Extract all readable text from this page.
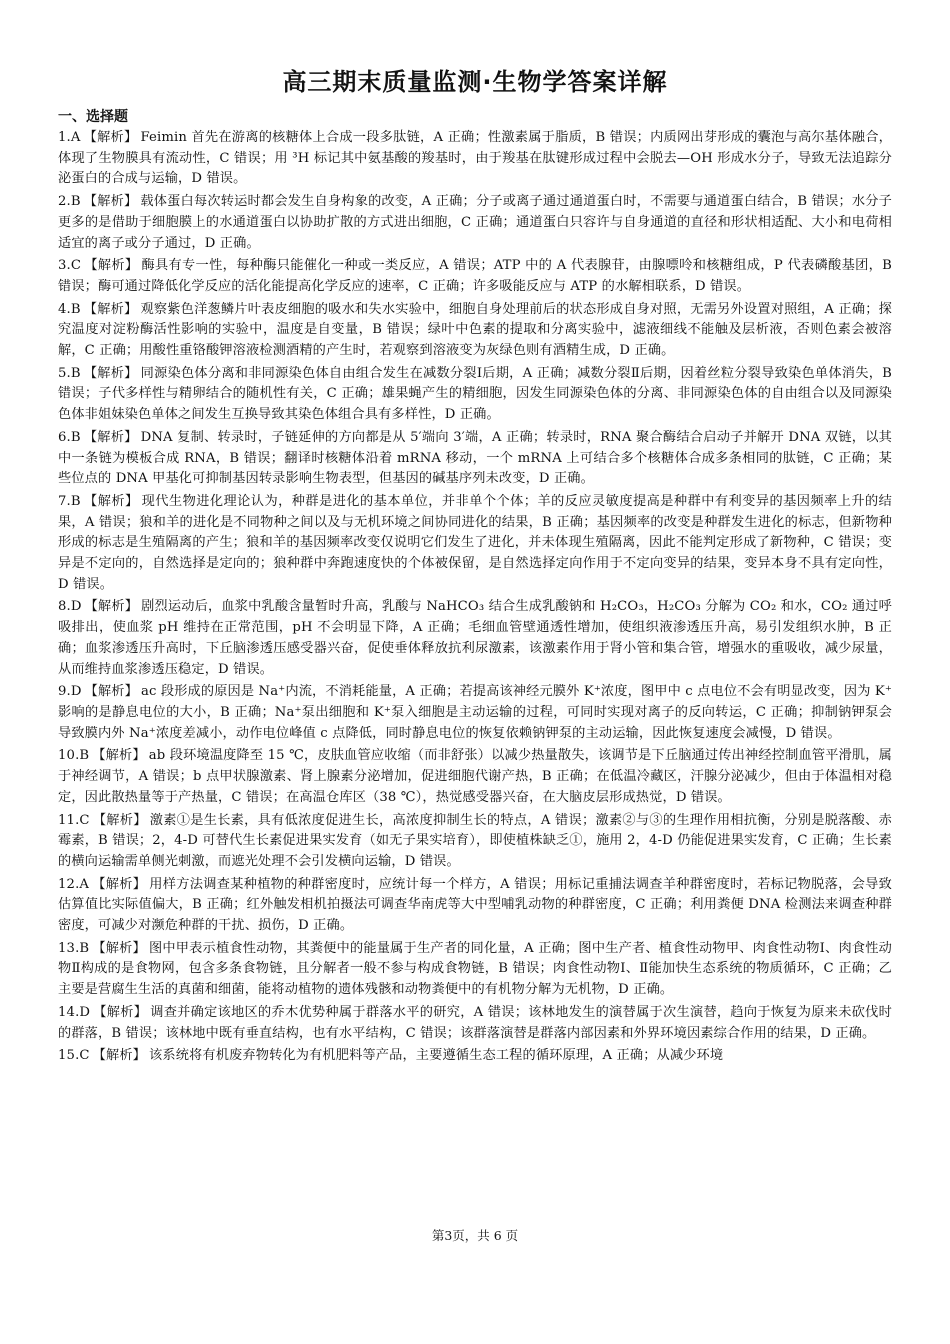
高三期末质量监测·生物学答案详解
一、选择题

1.A 【解析】 Feimin 首先在游离的核糖体上合成一段多肽链，A 正确；性激素属于脂质，B 错误；内质网出芽形成的囊泡与高尔基体融合，体现了生物膜具有流动性，C 错误；用 ³H 标记其中氨基酸的羧基时，由于羧基在肽键形成过程中会脱去—OH 形成水分子，导致无法追踪分泌蛋白的合成与运输，D 错误。

2.B 【解析】 载体蛋白每次转运时都会发生自身构象的改变，A 正确；分子或离子通过通道蛋白时，不需要与通道蛋白结合，B 错误；水分子更多的是借助于细胞膜上的水通道蛋白以协助扩散的方式进出细胞，C 正确；通道蛋白只容许与自身通道的直径和形状相适配、大小和电荷相适宜的离子或分子通过，D 正确。

3.C 【解析】 酶具有专一性，每种酶只能催化一种或一类反应，A 错误；ATP 中的 A 代表腺苷，由腺嘌呤和核糖组成，P 代表磷酸基团，B 错误；酶可通过降低化学反应的活化能提高化学反应的速率，C 正确；许多吸能反应与 ATP 的水解相联系，D 错误。

4.B 【解析】 观察紫色洋葱鳞片叶表皮细胞的吸水和失水实验中，细胞自身处理前后的状态形成自身对照，无需另外设置对照组，A 正确；探究温度对淀粉酶活性影响的实验中，温度是自变量，B 错误；绿叶中色素的提取和分离实验中，滤液细线不能触及层析液，否则色素会被溶解，C 正确；用酸性重铬酸钾溶液检测酒精的产生时，若观察到溶液变为灰绿色则有酒精生成，D 正确。

5.B 【解析】 同源染色体分离和非同源染色体自由组合发生在减数分裂Ⅰ后期，A 正确；减数分裂Ⅱ后期，因着丝粒分裂导致染色单体消失，B 错误；子代多样性与精卵结合的随机性有关，C 正确；雄果蝇产生的精细胞，因发生同源染色体的分离、非同源染色体的自由组合以及同源染色体非姐妹染色单体之间发生互换导致其染色体组合具有多样性，D 正确。

6.B 【解析】 DNA 复制、转录时，子链延伸的方向都是从 5′端向 3′端，A 正确；转录时，RNA 聚合酶结合启动子并解开 DNA 双链，以其中一条链为模板合成 RNA，B 错误；翻译时核糖体沿着 mRNA 移动，一个 mRNA 上可结合多个核糖体合成多条相同的肽链，C 正确；某些位点的 DNA 甲基化可抑制基因转录影响生物表型，但基因的碱基序列未改变，D 正确。

7.B 【解析】 现代生物进化理论认为，种群是进化的基本单位，并非单个个体；羊的反应灵敏度提高是种群中有利变异的基因频率上升的结果，A 错误；狼和羊的进化是不同物种之间以及与无机环境之间协同进化的结果，B 正确；基因频率的改变是种群发生进化的标志，但新物种形成的标志是生殖隔离的产生；狼和羊的基因频率改变仅说明它们发生了进化，并未体现生殖隔离，因此不能判定形成了新物种，C 错误；变异是不定向的，自然选择是定向的；狼种群中奔跑速度快的个体被保留，是自然选择定向作用于不定向变异的结果，变异本身不具有定向性，D 错误。

8.D 【解析】 剧烈运动后，血浆中乳酸含量暂时升高，乳酸与 NaHCO₃ 结合生成乳酸钠和 H₂CO₃，H₂CO₃ 分解为 CO₂ 和水，CO₂ 通过呼吸排出，使血浆 pH 维持在正常范围，pH 不会明显下降，A 正确；毛细血管壁通透性增加，使组织液渗透压升高，易引发组织水肿，B 正确；血浆渗透压升高时，下丘脑渗透压感受器兴奋，促使垂体释放抗利尿激素，该激素作用于肾小管和集合管，增强水的重吸收，减少尿量，从而维持血浆渗透压稳定，D 错误。

9.D 【解析】 ac 段形成的原因是 Na⁺内流，不消耗能量，A 正确；若提高该神经元膜外 K⁺浓度，图甲中 c 点电位不会有明显改变，因为 K⁺影响的是静息电位的大小，B 正确；Na⁺泵出细胞和 K⁺泵入细胞是主动运输的过程，可同时实现对离子的反向转运，C 正确；抑制钠钾泵会导致膜内外 Na⁺浓度差减小，动作电位峰值 c 点降低，同时静息电位的恢复依赖钠钾泵的主动运输，因此恢复速度会减慢，D 错误。

10.B 【解析】 ab 段环境温度降至 15 ℃，皮肤血管应收缩（而非舒张）以减少热量散失，该调节是下丘脑通过传出神经控制血管平滑肌，属于神经调节，A 错误；b 点甲状腺激素、肾上腺素分泌增加，促进细胞代谢产热，B 正确；在低温冷藏区，汗腺分泌减少，但由于体温相对稳定，因此散热量等于产热量，C 错误；在高温仓库区（38 ℃），热觉感受器兴奋，在大脑皮层形成热觉，D 错误。

11.C 【解析】 激素①是生长素，具有低浓度促进生长，高浓度抑制生长的特点，A 错误；激素②与③的生理作用相抗衡，分别是脱落酸、赤霉素，B 错误；2，4-D 可替代生长素促进果实发育（如无子果实培育），即使植株缺乏①，施用 2，4-D 仍能促进果实发育，C 正确；生长素的横向运输需单侧光刺激，而遮光处理不会引发横向运输，D 错误。

12.A 【解析】 用样方法调查某种植物的种群密度时，应统计每一个样方，A 错误；用标记重捕法调查羊种群密度时，若标记物脱落，会导致估算值比实际值偏大，B 正确；红外触发相机拍摄法可调查华南虎等大中型哺乳动物的种群密度，C 正确；利用粪便 DNA 检测法来调查种群密度，可减少对濒危种群的干扰、损伤，D 正确。

13.B 【解析】 图中甲表示植食性动物，其粪便中的能量属于生产者的同化量，A 正确；图中生产者、植食性动物甲、肉食性动物Ⅰ、肉食性动物Ⅱ构成的是食物网，包含多条食物链，且分解者一般不参与构成食物链，B 错误；肉食性动物Ⅰ、Ⅱ能加快生态系统的物质循环，C 正确；乙主要是营腐生生活的真菌和细菌，能将动植物的遗体残骸和动物粪便中的有机物分解为无机物，D 正确。

14.D 【解析】 调查并确定该地区的乔木优势种属于群落水平的研究，A 错误；该林地发生的演替属于次生演替，趋向于恢复为原来未砍伐时的群落，B 错误；该林地中既有垂直结构，也有水平结构，C 错误；该群落演替是群落内部因素和外界环境因素综合作用的结果，D 正确。

15.C 【解析】 该系统将有机废弃物转化为有机肥料等产品，主要遵循生态工程的循环原理，A 正确；从减少环境

第3页，共 6 页
